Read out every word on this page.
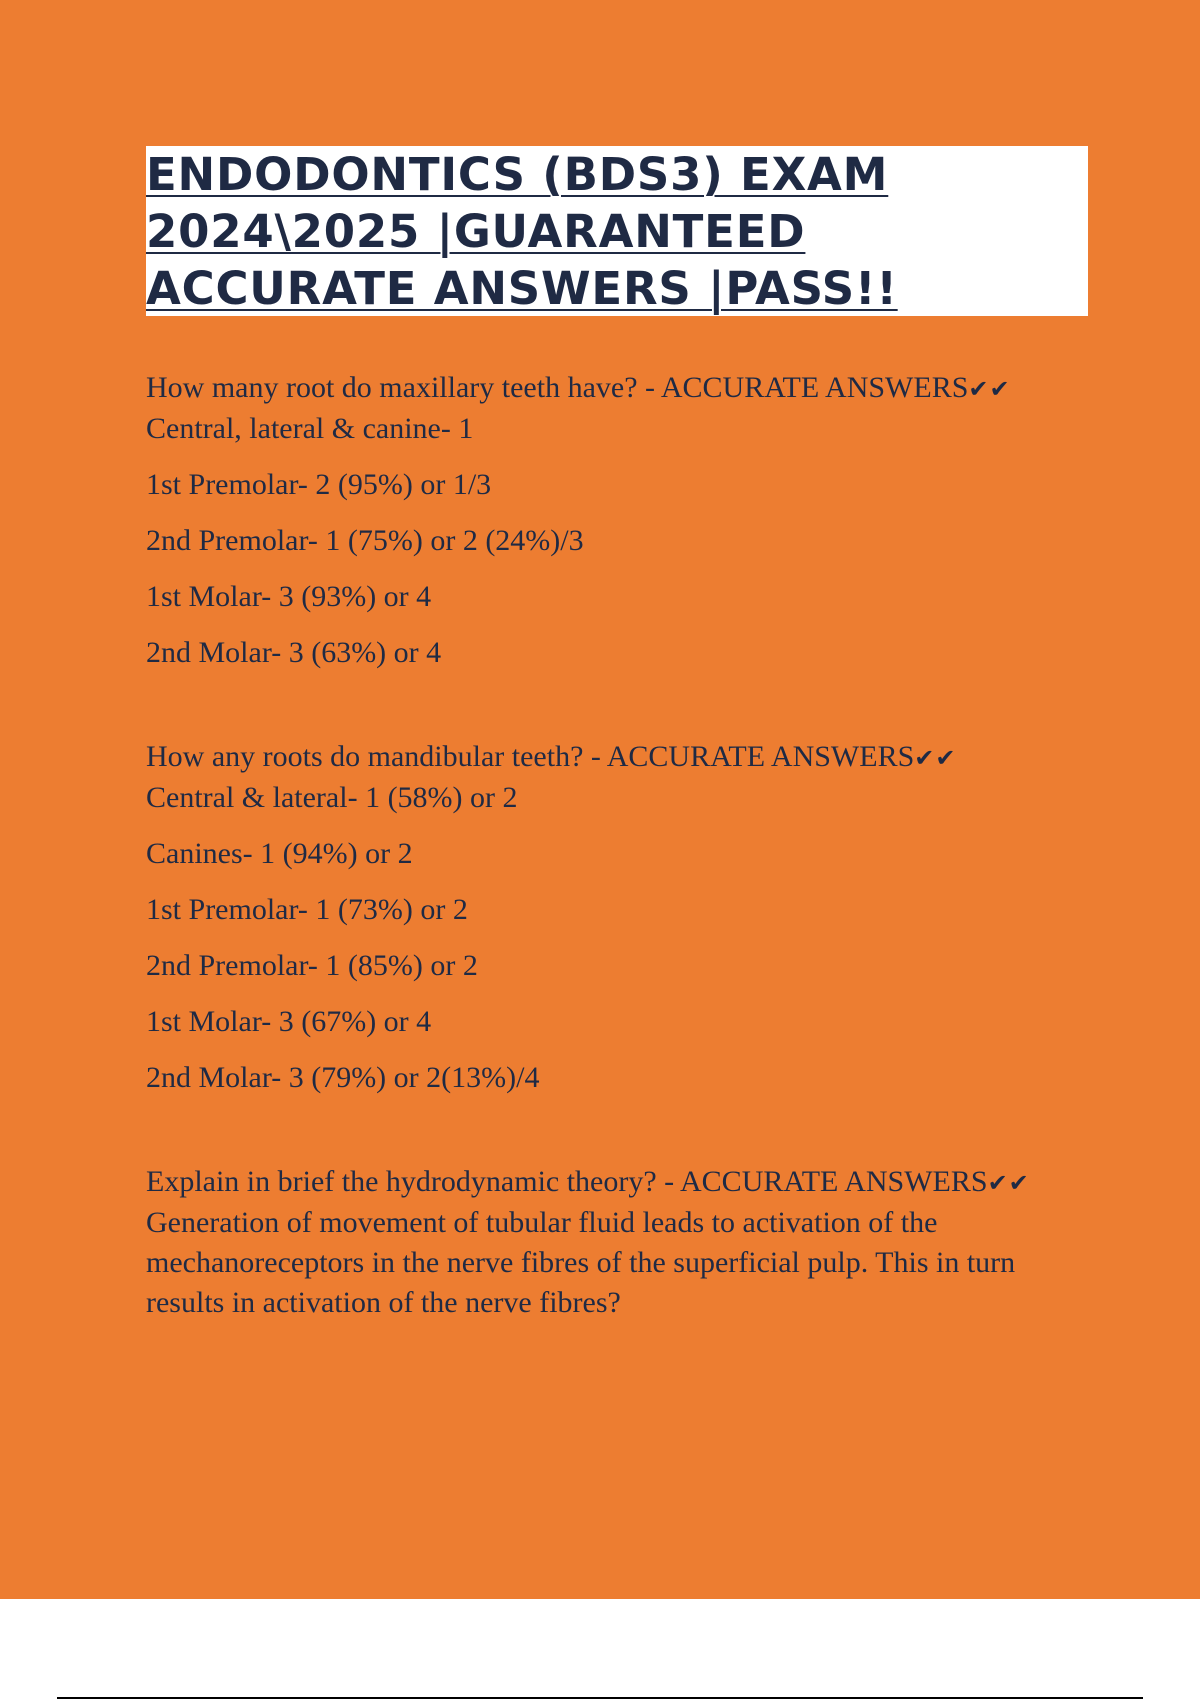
ENDODONTICS (BDS3) EXAM
2024\2025 |GUARANTEED
ACCURATE ANSWERS |PASS!!

How many root do maxillary teeth have? - ACCURATE ANSWERS✔✔
Central, lateral & canine- 1

1st Premolar- 2 (95%) or 1/3

2nd Premolar- 1 (75%) or 2 (24%)/3

1st Molar- 3 (93%) or 4

2nd Molar- 3 (63%) or 4

How any roots do mandibular teeth? - ACCURATE ANSWERS✔✔
Central & lateral- 1 (58%) or 2

Canines- 1 (94%) or 2

1st Premolar- 1 (73%) or 2

2nd Premolar- 1 (85%) or 2

1st Molar- 3 (67%) or 4

2nd Molar- 3 (79%) or 2(13%)/4

Explain in brief the hydrodynamic theory? - ACCURATE ANSWERS✔✔ Generation of movement of tubular fluid leads to activation of the mechanoreceptors in the nerve fibres of the superficial pulp. This in turn results in activation of the nerve fibres?
